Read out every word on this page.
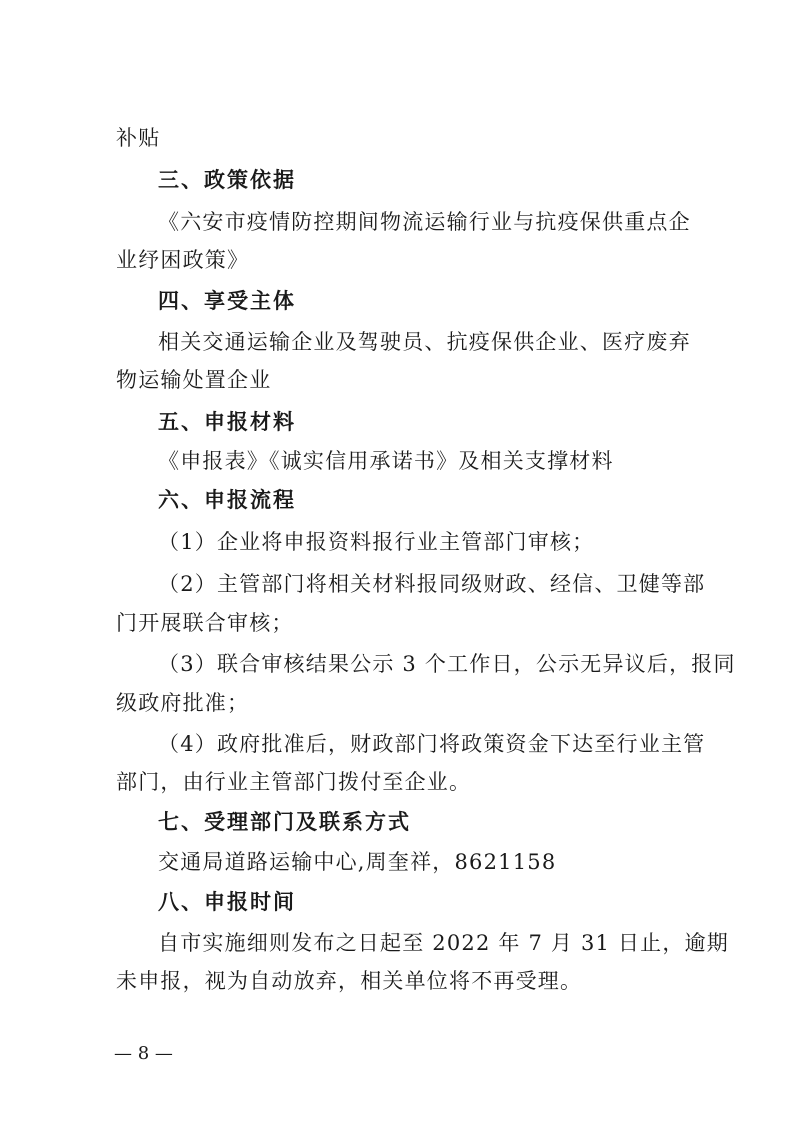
补贴
三、政策依据
《六安市疫情防控期间物流运输行业与抗疫保供重点企
业纾困政策》
四、享受主体
相关交通运输企业及驾驶员、抗疫保供企业、医疗废弃
物运输处置企业
五、申报材料
《申报表》《诚实信用承诺书》及相关支撑材料
六、申报流程
（1）企业将申报资料报行业主管部门审核；
（2）主管部门将相关材料报同级财政、经信、卫健等部
门开展联合审核；
（3）联合审核结果公示 3 个工作日，公示无异议后，报同
级政府批准；
（4）政府批准后，财政部门将政策资金下达至行业主管
部门，由行业主管部门拨付至企业。
七、受理部门及联系方式
交通局道路运输中心,周奎祥，8621158
八、申报时间
自市实施细则发布之日起至 2022 年 7 月 31 日止，逾期
未申报，视为自动放弃，相关单位将不再受理。
— 8 —
